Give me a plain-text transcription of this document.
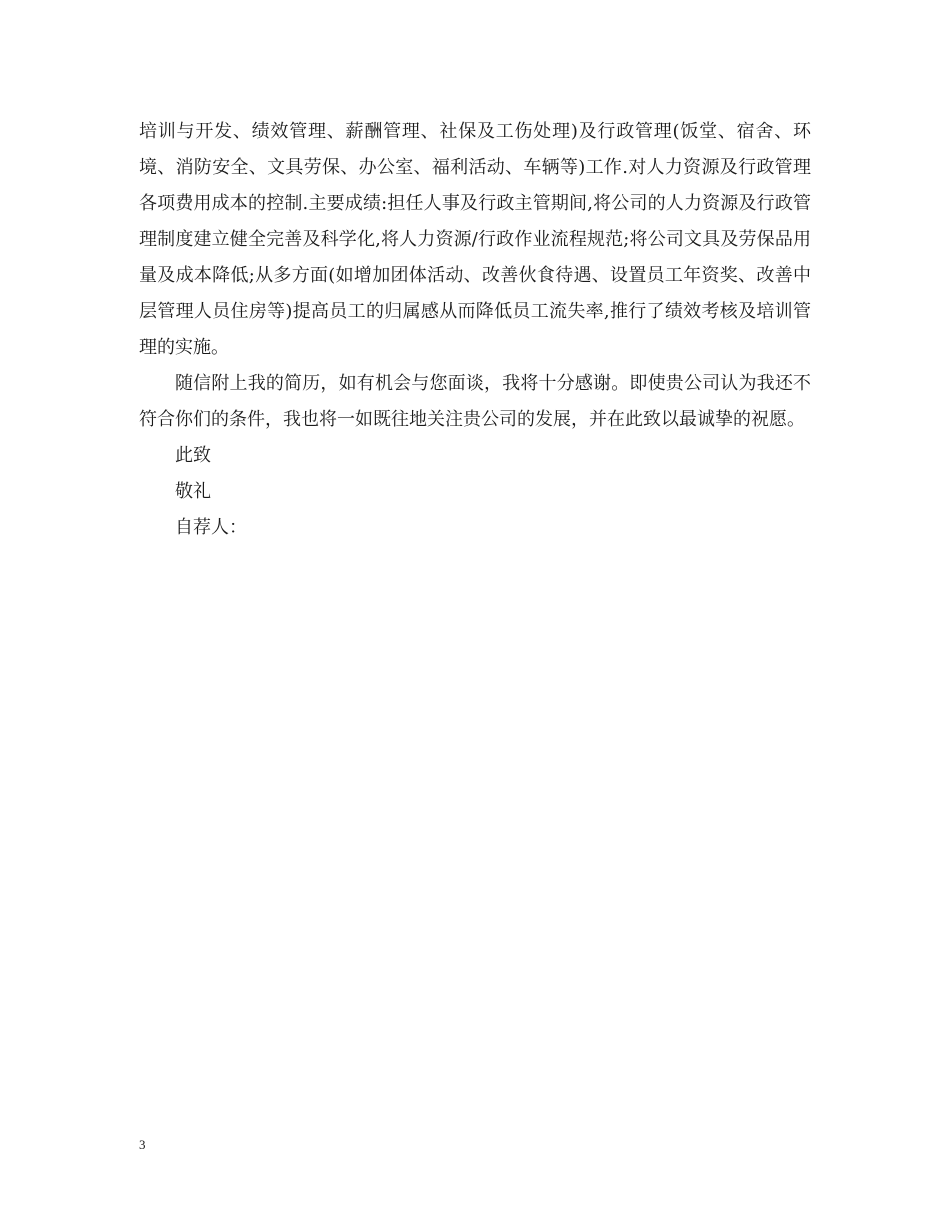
培训与开发、绩效管理、薪酬管理、社保及工伤处理)及行政管理(饭堂、宿舍、环境、消防安全、文具劳保、办公室、福利活动、车辆等)工作.对人力资源及行政管理各项费用成本的控制.主要成绩:担任人事及行政主管期间,将公司的人力资源及行政管理制度建立健全完善及科学化,将人力资源/行政作业流程规范;将公司文具及劳保品用量及成本降低;从多方面(如增加团体活动、改善伙食待遇、设置员工年资奖、改善中层管理人员住房等)提高员工的归属感从而降低员工流失率,推行了绩效考核及培训管理的实施。

随信附上我的简历，如有机会与您面谈，我将十分感谢。即使贵公司认为我还不符合你们的条件，我也将一如既往地关注贵公司的发展，并在此致以最诚挚的祝愿。

此致

敬礼

自荐人：

3
